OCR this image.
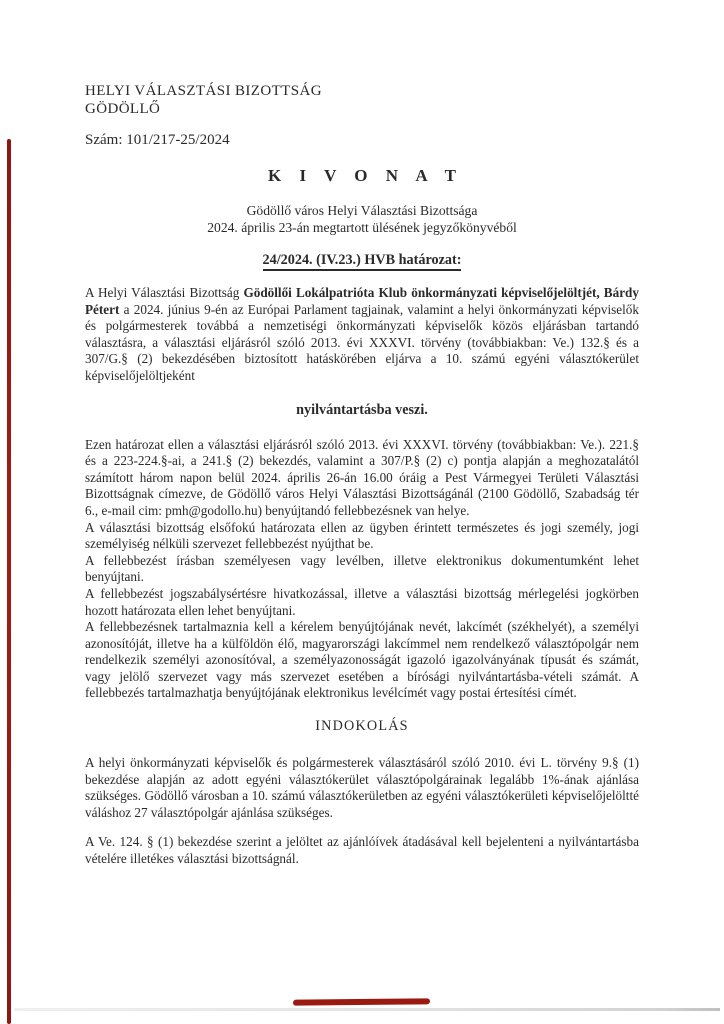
HELYI VÁLASZTÁSI BIZOTTSÁG
GÖDÖLLŐ
Szám: 101/217-25/2024
K I V O N A T
Gödöllő város Helyi Választási Bizottsága
2024. április 23-án megtartott ülésének jegyzőkönyvéből
24/2024. (IV.23.) HVB határozat:

A Helyi Választási Bizottság Gödöllői Lokálpatrióta Klub önkormányzati képviselőjelöltjét, Bárdy Pétert a 2024. június 9-én az Európai Parlament tagjainak, valamint a helyi önkormányzati képviselők és polgármesterek továbbá a nemzetiségi önkormányzati képviselők közös eljárásban tartandó választásra, a választási eljárásról szóló 2013. évi XXXVI. törvény (továbbiakban: Ve.) 132.§ és a 307/G.§ (2) bekezdésében biztosított hatáskörében eljárva a 10. számú egyéni választókerület képviselőjelöltjeként

nyilvántartásba veszi.

Ezen határozat ellen a választási eljárásról szóló 2013. évi XXXVI. törvény (továbbiakban: Ve.). 221.§ és a 223-224.§-ai, a 241.§ (2) bekezdés, valamint a 307/P.§ (2) c) pontja alapján a meghozatalától számított három napon belül 2024. április 26-án 16.00 óráig a Pest Vármegyei Területi Választási Bizottságnak címezve, de Gödöllő város Helyi Választási Bizottságánál (2100 Gödöllő, Szabadság tér 6., e-mail cim: pmh@godollo.hu) benyújtandó fellebbezésnek van helye.

A választási bizottság elsőfokú határozata ellen az ügyben érintett természetes és jogi személy, jogi személyiség nélküli szervezet fellebbezést nyújthat be.

A fellebbezést írásban személyesen vagy levélben, illetve elektronikus dokumentumként lehet benyújtani.

A fellebbezést jogszabálysértésre hivatkozással, illetve a választási bizottság mérlegelési jogkörben hozott határozata ellen lehet benyújtani.

A fellebbezésnek tartalmaznia kell a kérelem benyújtójának nevét, lakcímét (székhelyét), a személyi azonosítóját, illetve ha a külföldön élő, magyarországi lakcímmel nem rendelkező választópolgár nem rendelkezik személyi azonosítóval, a személyazonosságát igazoló igazolványának típusát és számát, vagy jelölő szervezet vagy más szervezet esetében a bírósági nyilvántartásba-vételi számát. A fellebbezés tartalmazhatja benyújtójának elektronikus levélcímét vagy postai értesítési címét.

INDOKOLÁS

A helyi önkormányzati képviselők és polgármesterek választásáról szóló 2010. évi L. törvény 9.§ (1) bekezdése alapján az adott egyéni választókerület választópolgárainak legalább 1%-ának ajánlása szükséges. Gödöllő városban a 10. számú választókerületben az egyéni választókerületi képviselőjelöltté váláshoz 27 választópolgár ajánlása szükséges.

A Ve. 124. § (1) bekezdése szerint a jelöltet az ajánlóívek átadásával kell bejelenteni a nyilvántartásba vételére illetékes választási bizottságnál.
